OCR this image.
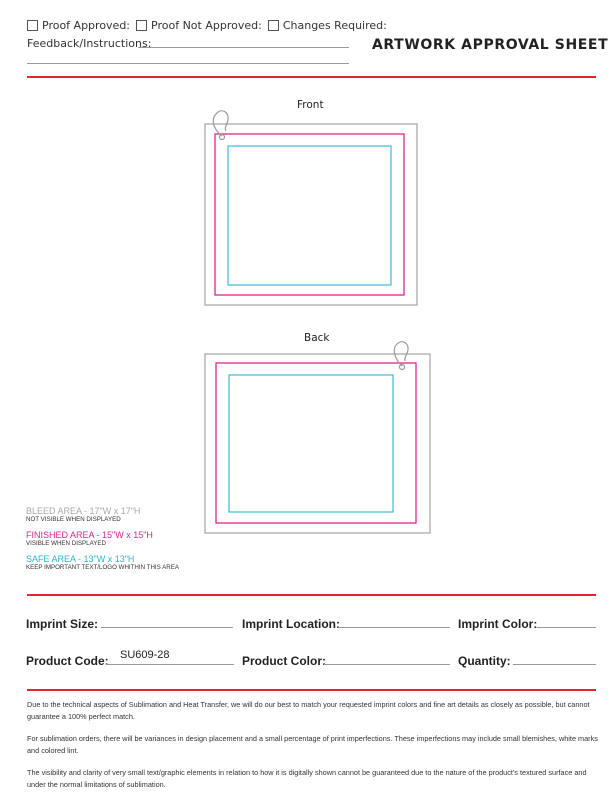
Proof Approved: Proof Not Approved: Changes Required:
Feedback/Instructions:	ARTWORK APPROVAL SHEET
Front
Back
BLEED AREA - 17"W x 17"H
NOT VISIBLE WHEN DISPLAYED
FINISHED AREA - 15"W x 15"H
VISIBLE WHEN DISPLAYED
SAFE AREA - 13"W x 13"H
KEEP IMPORTANT TEXT/LOGO WHITHIN THIS AREA
Imprint Size:	Imprint Location:	Imprint Color:
Product Code: SU609-28	Product Color:	Quantity:
Due to the technical aspects of Sublimation and Heat Transfer, we will do our best to match your requested imprint colors and fine art details as closely as possible, but cannot guarantee a 100% perfect match.
For sublimation orders, there will be variances in design placement and a small percentage of print imperfections. These imperfections may include small blemishes, white marks and colored lint.
The visibility and clarity of very small text/graphic elements in relation to how it is digitally shown cannot be guaranteed due to the nature of the product's textured surface and under the normal limitations of sublimation.
